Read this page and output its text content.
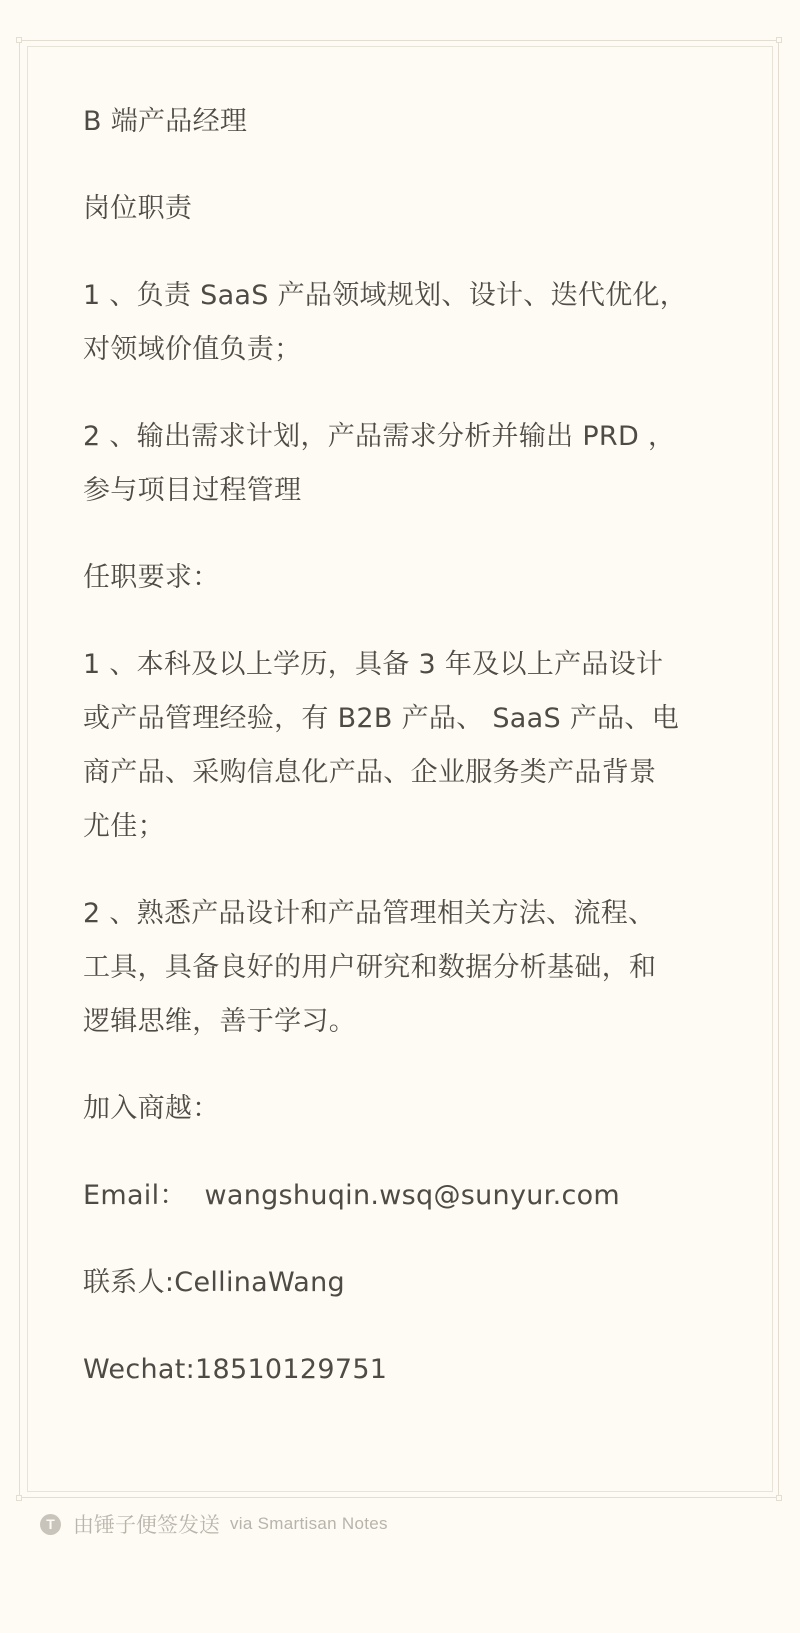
B 端产品经理

岗位职责

1 、负责 SaaS 产品领域规划、设计、迭代优化，
对领域价值负责；

2 、输出需求计划，产品需求分析并输出 PRD ，
参与项目过程管理

任职要求：

1 、本科及以上学历，具备 3 年及以上产品设计
或产品管理经验，有 B2B 产品、 SaaS 产品、电
商产品、采购信息化产品、企业服务类产品背景
尤佳；

2 、熟悉产品设计和产品管理相关方法、流程、
工具，具备良好的用户研究和数据分析基础，和
逻辑思维，善于学习。

加入商越：

Email：  wangshuqin.wsq@sunyur.com

联系人:CellinaWang

Wechat:18510129751

T 由锤子便签发送 via Smartisan Notes
